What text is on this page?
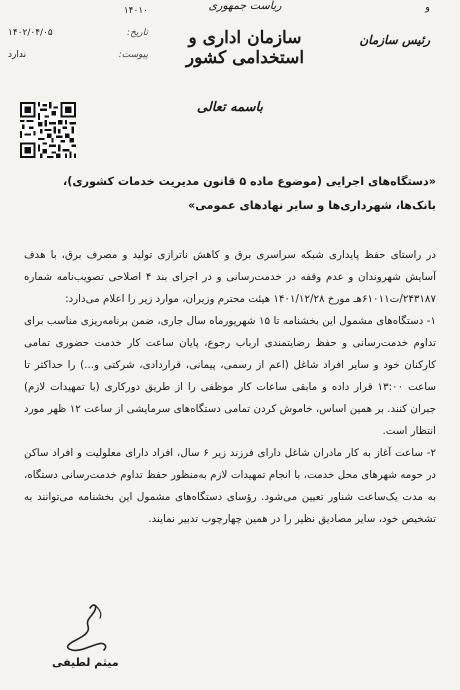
و
رئیس سازمان
ریاست جمهوری
سازمان اداری و استخدامی کشور
۱۴۰۱۰
تاریخ:
۱۴۰۲/۰۴/۰۵
پیوست:
ندارد
باسمه تعالی
«دستگاه‌های اجرایی (موضوع ماده ۵ قانون مدیریت خدمات کشوری)، بانک‌ها، شهرداری‌ها و سایر نهادهای عمومی»

در راستای حفظ پایداری شبکه سراسری برق و کاهش ناترازی تولید و مصرف برق، با هدف آسایش شهروندان و عدم وقفه در خدمت‌رسانی و در اجرای بند ۴ اصلاحی تصویب‌نامه شماره ۲۴۳۱۸۷/ت۶۱۰۱۱هـ مورخ ۱۴۰۱/۱۲/۲۸ هیئت محترم وزیران، موارد زیر را اعلام می‌دارد:

۱- دستگاه‌های مشمول این بخشنامه تا ۱۵ شهریورماه سال جاری، ضمن برنامه‌ریزی مناسب برای تداوم خدمت‌رسانی و حفظ رضایتمندی ارباب رجوع، پایان ساعت کار خدمت حضوری تمامی کارکنان خود و سایر افراد شاغل (اعم از رسمی، پیمانی، قراردادی، شرکتی و...) را حداکثر تا ساعت ۱۳:۰۰ قرار داده و مابقی ساعات کار موظفی را از طریق دورکاری (با تمهیدات لازم) جبران کنند. بر همین اساس، خاموش کردن تمامی دستگاه‌های سرمایشی از ساعت ۱۲ ظهر مورد انتظار است.

۲- ساعت آغاز به کار مادران شاغل دارای فرزند زیر ۶ سال، افراد دارای معلولیت و افراد ساکن در حومه شهرهای محل خدمت، با انجام تمهیدات لازم به‌منظور حفظ تداوم خدمت‌رسانی دستگاه، به مدت یک‌ساعت شناور تعیین می‌شود. رؤسای دستگاه‌های مشمول این بخشنامه می‌توانند به تشخیص خود، سایر مصادیق نظیر را در همین چهارچوب تدبیر نمایند.

میثم لطیفی
